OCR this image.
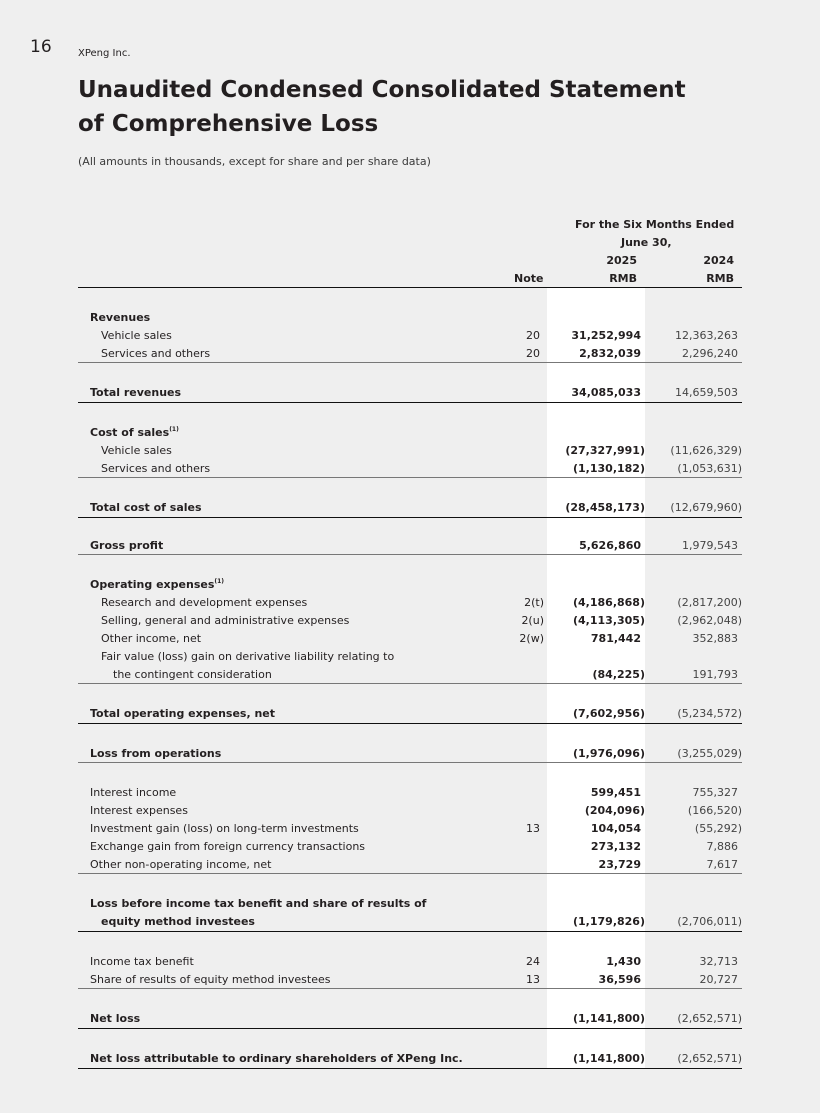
16	XPeng Inc.
Unaudited Condensed Consolidated Statement of Comprehensive Loss
(All amounts in thousands, except for share and per share data)
For the Six Months Ended
June 30,
2025	2024
Note	RMB	RMB
Revenues
Vehicle sales	20	31,252,994	12,363,263
Services and others	20	2,832,039	2,296,240
Total revenues	34,085,033	14,659,503
Cost of sales$^{(1)}$
Vehicle sales	(27,327,991) (11,626,329)
Services and others	(1,130,182)	(1,053,631)
Total cost of sales	(28,458,173) (12,679,960)
Gross profit	5,626,860	1,979,543
Operating expenses$^{(1)}$
Research and development expenses	2(t)	(4,186,868)	(2,817,200)
Selling, general and administrative expenses	2(u)	(4,113,305)	(2,962,048)
Other income, net	2(w)	781,442	352,883
Fair value (loss) gain on derivative liability relating to
the contingent consideration	(84,225)	191,793
Total operating expenses, net	(7,602,956)	(5,234,572)
Loss from operations	(1,976,096)	(3,255,029)
Interest income	599,451	755,327
Interest expenses	(204,096)	(166,520)
Investment gain (loss) on long-term investments	13	104,054	(55,292)
Exchange gain from foreign currency transactions	273,132	7,886
Other non-operating income, net	23,729	7,617
Loss before income tax benefit and share of results of
equity method investees	(1,179,826)	(2,706,011)
Income tax benefit	24	1,430	32,713
Share of results of equity method investees	13	36,596	20,727
Net loss	(1,141,800)	(2,652,571)
Net loss attributable to ordinary shareholders of XPeng Inc.	(1,141,800)	(2,652,571)
